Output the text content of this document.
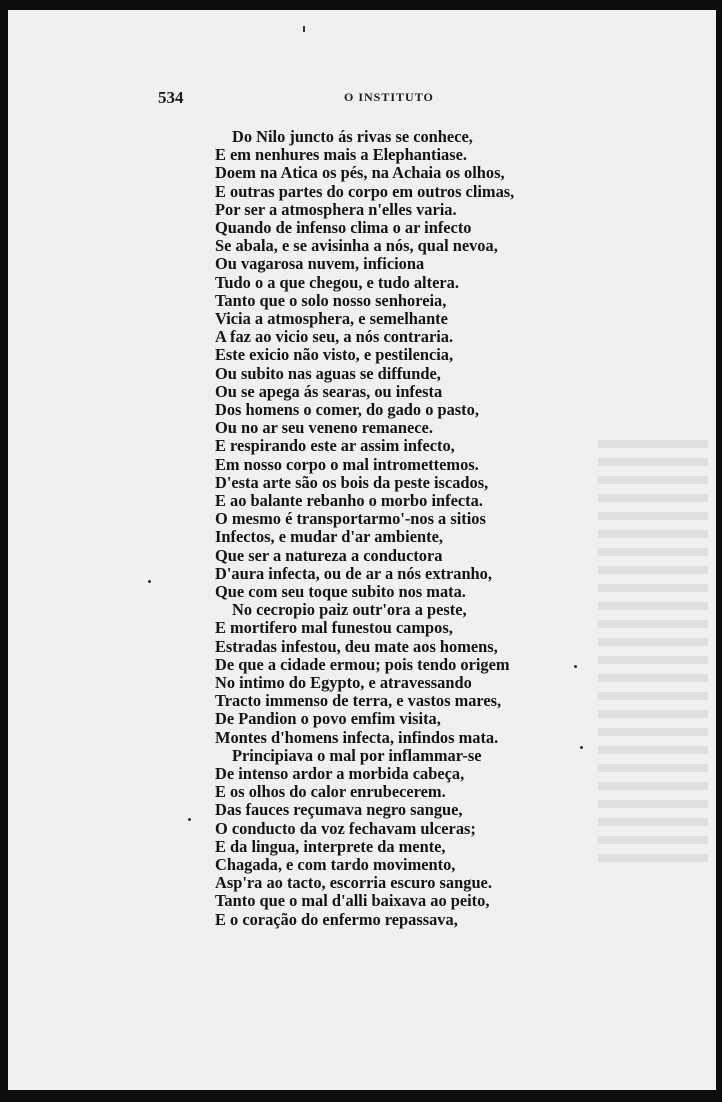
534	O INSTITUTO
Do Nilo juncto ás rivas se conhece,
E em nenhures mais a Elephantiase.
Doem na Atica os pés, na Achaia os olhos,
E outras partes do corpo em outros climas,
Por ser a atmosphera n'elles varia.
Quando de infenso clima o ar infecto
Se abala, e se avisinha a nós, qual nevoa,
Ou vagarosa nuvem, inficiona
Tudo o a que chegou, e tudo altera.
Tanto que o solo nosso senhoreia,
Vicia a atmosphera, e semelhante
A faz ao vicio seu, a nós contraria.
Este exicio não visto, e pestilencia,
Ou subito nas aguas se diffunde,
Ou se apega ás searas, ou infesta
Dos homens o comer, do gado o pasto,
Ou no ar seu veneno remanece.
E respirando este ar assim infecto,
Em nosso corpo o mal intromettemos.
D'esta arte são os bois da peste iscados,
E ao balante rebanho o morbo infecta.
O mesmo é transportarmo'-nos a sitios
Infectos, e mudar d'ar ambiente,
Que ser a natureza a conductora
D'aura infecta, ou de ar a nós extranho,
Que com seu toque subito nos mata.
No cecropio paiz outr'ora a peste,
E mortifero mal funestou campos,
Estradas infestou, deu mate aos homens,
De que a cidade ermou; pois tendo origem
No intimo do Egypto, e atravessando
Tracto immenso de terra, e vastos mares,
De Pandion o povo emfim visita,
Montes d'homens infecta, infindos mata.
Principiava o mal por inflammar-se
De intenso ardor a morbida cabeça,
E os olhos do calor enrubecerem.
Das fauces reçumava negro sangue,
O conducto da voz fechavam ulceras;
E da lingua, interprete da mente,
Chagada, e com tardo movimento,
Asp'ra ao tacto, escorria escuro sangue.
Tanto que o mal d'alli baixava ao peito,
E o coração do enfermo repassava,
